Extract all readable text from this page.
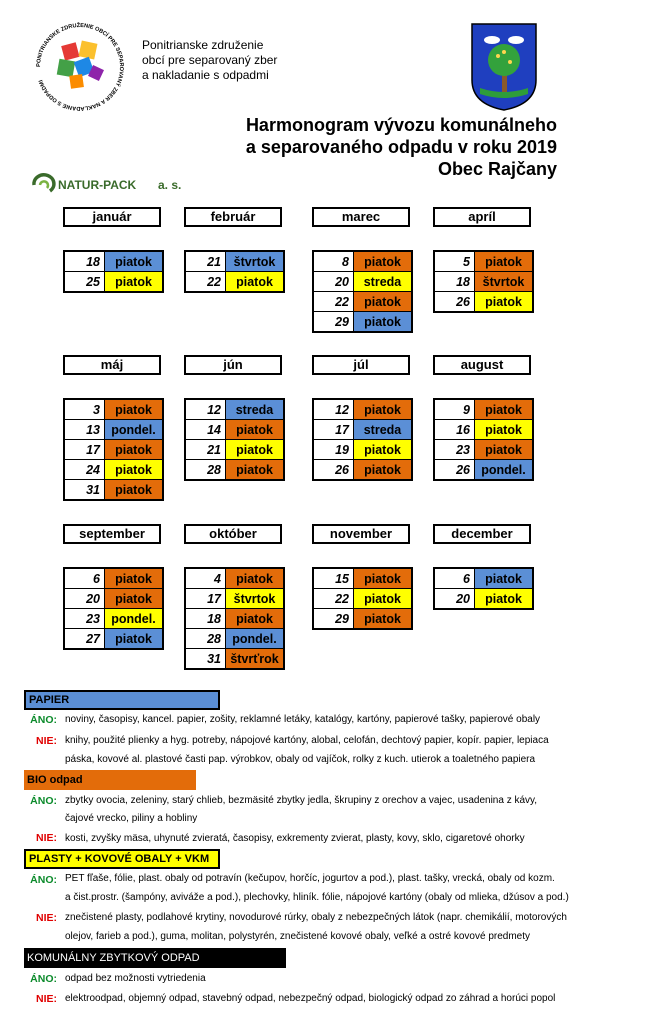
PONITRIANSKE ZDRUŽENIE OBCÍ PRE SEPAROVANÝ ZBER A NAKLADANIE S ODPADMI
Ponitrianske združenie
obcí pre separovaný zber
a nakladanie s odpadmi
Harmonogram vývozu komunálneho
a separovaného odpadu v roku 2019
Obec Rajčany
NATUR-PACK a. s.
január
18	piatok
25	piatok
február
21	štvrtok
22	piatok
marec
8	piatok
20	streda
22	piatok
29	piatok
apríl
5	piatok
18	štvrtok
26	piatok
máj
3	piatok
13	pondel.
17	piatok
24	piatok
31	piatok
jún
12	streda
14	piatok
21	piatok
28	piatok
júl
12	piatok
17	streda
19	piatok
26	piatok
august
9	piatok
16	piatok
23	piatok
26	pondel.
september
6	piatok
20	piatok
23	pondel.
27	piatok
október
4	piatok
17	štvrtok
18	piatok
28	pondel.
31	štvrťrok
november
15	piatok
22	piatok
29	piatok
december
6	piatok
20	piatok
PAPIER
ÁNO: noviny, časopisy, kancel. papier, zošity, reklamné letáky, katalógy, kartóny, papierové tašky, papierové obaly
NIE: knihy, použité plienky a hyg. potreby, nápojové kartóny, alobal, celofán, dechtový papier, kopír. papier, lepiaca
páska, kovové al. plastové časti pap. výrobkov, obaly od vajíčok, rolky z kuch. utierok a toaletného papiera
BIO odpad
ÁNO: zbytky ovocia, zeleniny, starý chlieb, bezmäsité zbytky jedla, škrupiny z orechov a vajec, usadenina z kávy,
čajové vrecko, piliny a hobliny
NIE: kosti, zvyšky mäsa, uhynuté zvieratá, časopisy, exkrementy zvierat, plasty, kovy, sklo, cigaretové ohorky
PLASTY + KOVOVÉ OBALY + VKM
ÁNO: PET fľaše, fólie, plast. obaly od potravín (kečupov, horčíc, jogurtov a pod.), plast. tašky, vrecká, obaly od kozm.
a čist.prostr. (šampóny, aviváže a pod.), plechovky, hliník. fólie, nápojové kartóny (obaly od mlieka, džúsov a pod.)
NIE: znečistené plasty, podlahové krytiny, novodurové rúrky, obaly z nebezpečných látok (napr. chemikálií, motorových
olejov, farieb a pod.), guma, molitan, polystyrén, znečistené kovové obaly, veľké a ostré kovové predmety
KOMUNÁLNY ZBYTKOVÝ ODPAD
ÁNO: odpad bez možnosti vytriedenia
NIE: elektroodpad, objemný odpad, stavebný odpad, nebezpečný odpad, biologický odpad zo záhrad a horúci popol
